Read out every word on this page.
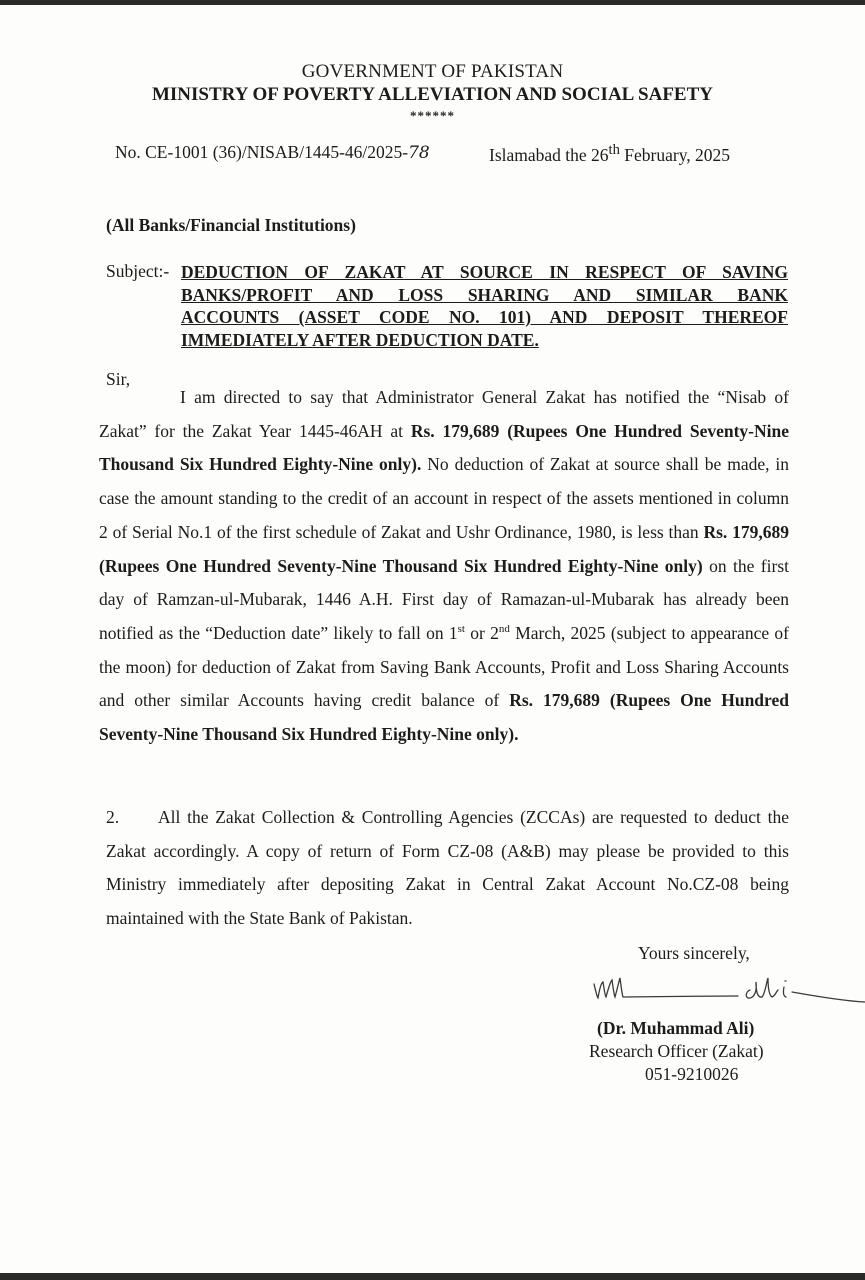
GOVERNMENT OF PAKISTAN
MINISTRY OF POVERTY ALLEVIATION AND SOCIAL SAFETY
******
No. CE-1001 (36)/NISAB/1445-46/2025-78	Islamabad the 26th February, 2025
(All Banks/Financial Institutions)
Subject:- DEDUCTION OF ZAKAT AT SOURCE IN RESPECT OF SAVING
BANKS/PROFIT AND LOSS SHARING AND SIMILAR BANK
ACCOUNTS (ASSET CODE NO. 101) AND DEPOSIT THEREOF
IMMEDIATELY AFTER DEDUCTION DATE.
Sir,
I am directed to say that Administrator General Zakat has notified the “Nisab of Zakat” for the Zakat Year 1445-46AH at Rs. 179,689 (Rupees One Hundred Seventy-Nine Thousand Six Hundred Eighty-Nine only). No deduction of Zakat at source shall be made, in case the amount standing to the credit of an account in respect of the assets mentioned in column 2 of Serial No.1 of the first schedule of Zakat and Ushr Ordinance, 1980, is less than Rs. 179,689 (Rupees One Hundred Seventy-Nine Thousand Six Hundred Eighty-Nine only) on the first day of Ramzan-ul-Mubarak, 1446 A.H. First day of Ramazan-ul-Mubarak has already been notified as the “Deduction date” likely to fall on 1st or 2nd March, 2025 (subject to appearance of the moon) for deduction of Zakat from Saving Bank Accounts, Profit and Loss Sharing Accounts and other similar Accounts having credit balance of Rs. 179,689 (Rupees One Hundred Seventy-Nine Thousand Six Hundred Eighty-Nine only).
2. All the Zakat Collection & Controlling Agencies (ZCCAs) are requested to deduct the Zakat accordingly. A copy of return of Form CZ-08 (A&B) may please be provided to this Ministry immediately after depositing Zakat in Central Zakat Account No.CZ-08 being maintained with the State Bank of Pakistan.
Yours sincerely,
(Dr. Muhammad Ali)
Research Officer (Zakat)
051-9210026
